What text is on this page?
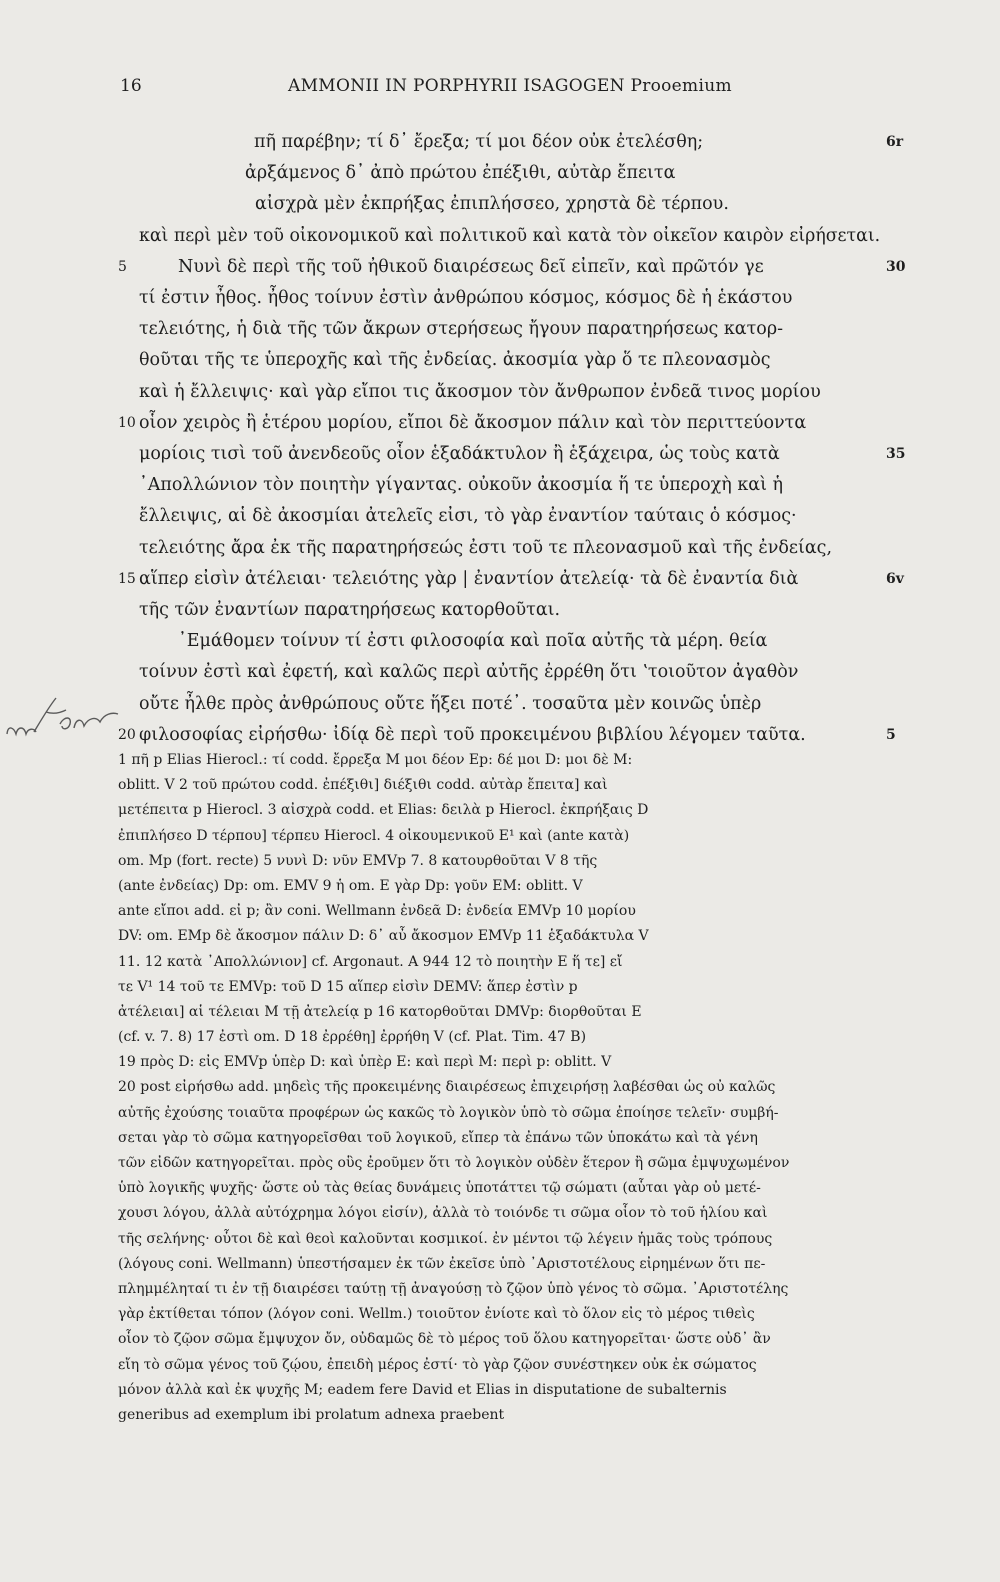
16	AMMONII IN PORPHYRII ISAGOGEN Prooemium
πῆ παρέβην; τί δ᾽ ἔρεξα; τί μοι δέον οὐκ ἐτελέσθη;	6r
ἀρξάμενος δ᾽ ἀπὸ πρώτου ἐπέξιθι, αὐτὰρ ἔπειτα
αἰσχρὰ μὲν ἐκπρήξας ἐπιπλήσσεο, χρηστὰ δὲ τέρπου.
καὶ περὶ μὲν τοῦ οἰκονομικοῦ καὶ πολιτικοῦ καὶ κατὰ τὸν οἰκεῖον καιρὸν εἰρήσεται.
5	Νυνὶ δὲ περὶ τῆς τοῦ ἠθικοῦ διαιρέσεως δεῖ εἰπεῖν, καὶ πρῶτόν γε	30
τί ἐστιν ἦθος. ἦθος τοίνυν ἐστὶν ἀνθρώπου κόσμος, κόσμος δὲ ἡ ἑκάστου
τελειότης, ἡ διὰ τῆς τῶν ἄκρων στερήσεως ἤγουν παρατηρήσεως κατορ-
θοῦται τῆς τε ὑπεροχῆς καὶ τῆς ἐνδείας. ἀκοσμία γὰρ ὅ τε πλεονασμὸς
καὶ ἡ ἔλλειψις· καὶ γὰρ εἴποι τις ἄκοσμον τὸν ἄνθρωπον ἐνδεᾶ τινος μορίου
10 οἷον χειρὸς ἢ ἑτέρου μορίου, εἴποι δὲ ἄκοσμον πάλιν καὶ τὸν περιττεύοντα
μορίοις τισὶ τοῦ ἀνενδεοῦς οἷον ἑξαδάκτυλον ἢ ἑξάχειρα, ὡς τοὺς κατὰ	35
᾿Απολλώνιον τὸν ποιητὴν γίγαντας. οὐκοῦν ἀκοσμία ἥ τε ὑπεροχὴ καὶ ἡ
ἔλλειψις, αἱ δὲ ἀκοσμίαι ἀτελεῖς εἰσι, τὸ γὰρ ἐναντίον ταύταις ὁ κόσμος·
τελειότης ἄρα ἐκ τῆς παρατηρήσεώς ἐστι τοῦ τε πλεονασμοῦ καὶ τῆς ἐνδείας,
15 αἵπερ εἰσὶν ἀτέλειαι· τελειότης γὰρ | ἐναντίον ἀτελείᾳ· τὰ δὲ ἐναντία διὰ	6v
τῆς τῶν ἐναντίων παρατηρήσεως κατορθοῦται.
᾿Εμάθομεν τοίνυν τί ἐστι φιλοσοφία καὶ ποῖα αὐτῆς τὰ μέρη. θεία
τοίνυν ἐστὶ καὶ ἐφετή, καὶ καλῶς περὶ αὐτῆς ἐρρέθη ὅτι ʽτοιοῦτον ἀγαθὸν
οὔτε ἦλθε πρὸς ἀνθρώπους οὔτε ἥξει ποτέ᾽. τοσαῦτα μὲν κοινῶς ὑπὲρ
20 φιλοσοφίας εἰρήσθω· ἰδίᾳ δὲ περὶ τοῦ προκειμένου βιβλίου λέγομεν ταῦτα.	5
1 πῆ p Elias Hierocl.: τί codd. ἔρρεξα M μοι δέον Ep: δέ μοι D: μοι δὲ M:
oblitt. V 2 τοῦ πρώτου codd. ἐπέξιθι] διέξιθι codd. αὐτὰρ ἔπειτα] καὶ
μετέπειτα p Hierocl. 3 αἰσχρὰ codd. et Elias: δειλὰ p Hierocl. ἐκπρήξαις D
ἐπιπλήσεο D τέρπου] τέρπευ Hierocl. 4 οἰκουμενικοῦ E¹ καὶ (ante κατὰ)
om. Mp (fort. recte) 5 νυνὶ D: νῦν EMVp 7. 8 κατουρθοῦται V 8 τῆς
(ante ἐνδείας) Dp: om. EMV 9 ἡ om. E γὰρ Dp: γοῦν EM: oblitt. V
ante εἴποι add. εἰ p; ἂν coni. Wellmann ἐνδεᾶ D: ἐνδεία EMVp 10 μορίου
DV: om. EMp δὲ ἄκοσμον πάλιν D: δ᾽ αὖ ἄκοσμον EMVp 11 ἑξαδάκτυλα V
11. 12 κατὰ ᾿Απολλώνιον] cf. Argonaut. A 944 12 τὸ ποιητὴν E ἥ τε] εἴ
τε V¹ 14 τοῦ τε EMVp: τοῦ D 15 αἵπερ εἰσὶν DEMV: ἅπερ ἐστὶν p
ἀτέλειαι] αἱ τέλειαι M τῇ ἀτελείᾳ p 16 κατορθοῦται DMVp: διορθοῦται E
(cf. v. 7. 8) 17 ἐστὶ om. D 18 ἐρρέθη] ἐρρήθη V (cf. Plat. Tim. 47 B)
19 πρὸς D: εἰς EMVp ὑπὲρ D: καὶ ὑπὲρ E: καὶ περὶ M: περὶ p: oblitt. V
20 post εἰρήσθω add. μηδεὶς τῆς προκειμένης διαιρέσεως ἐπιχειρήσῃ λαβέσθαι ὡς οὐ καλῶς
αὐτῆς ἐχούσης τοιαῦτα προφέρων ὡς κακῶς τὸ λογικὸν ὑπὸ τὸ σῶμα ἐποίησε τελεῖν· συμβή-
σεται γὰρ τὸ σῶμα κατηγορεῖσθαι τοῦ λογικοῦ, εἴπερ τὰ ἐπάνω τῶν ὑποκάτω καὶ τὰ γένη
τῶν εἰδῶν κατηγορεῖται. πρὸς οὓς ἐροῦμεν ὅτι τὸ λογικὸν οὐδὲν ἕτερον ἢ σῶμα ἐμψυχωμένον
ὑπὸ λογικῆς ψυχῆς· ὥστε οὐ τὰς θείας δυνάμεις ὑποτάττει τῷ σώματι (αὗται γὰρ οὐ μετέ-
χουσι λόγου, ἀλλὰ αὐτόχρημα λόγοι εἰσίν), ἀλλὰ τὸ τοιόνδε τι σῶμα οἷον τὸ τοῦ ἡλίου καὶ
τῆς σελήνης· οὗτοι δὲ καὶ θεοὶ καλοῦνται κοσμικοί. ἐν μέντοι τῷ λέγειν ἡμᾶς τοὺς τρόπους
(λόγους coni. Wellmann) ὑπεστήσαμεν ἐκ τῶν ἐκεῖσε ὑπὸ ᾿Αριστοτέλους εἰρημένων ὅτι πε-
πλημμέληταί τι ἐν τῇ διαιρέσει ταύτῃ τῇ ἀναγούσῃ τὸ ζῷον ὑπὸ γένος τὸ σῶμα. ᾿Αριστοτέλης
γὰρ ἐκτίθεται τόπον (λόγον coni. Wellm.) τοιοῦτον ἐνίοτε καὶ τὸ ὅλον εἰς τὸ μέρος τιθεὶς
οἷον τὸ ζῷον σῶμα ἔμψυχον ὄν, οὐδαμῶς δὲ τὸ μέρος τοῦ ὅλου κατηγορεῖται· ὥστε οὐδ᾽ ἂν
εἴη τὸ σῶμα γένος τοῦ ζῴου, ἐπειδὴ μέρος ἐστί· τὸ γὰρ ζῷον συνέστηκεν οὐκ ἐκ σώματος
μόνον ἀλλὰ καὶ ἐκ ψυχῆς M; eadem fere David et Elias in disputatione de subalternis
generibus ad exemplum ibi prolatum adnexa praebent
